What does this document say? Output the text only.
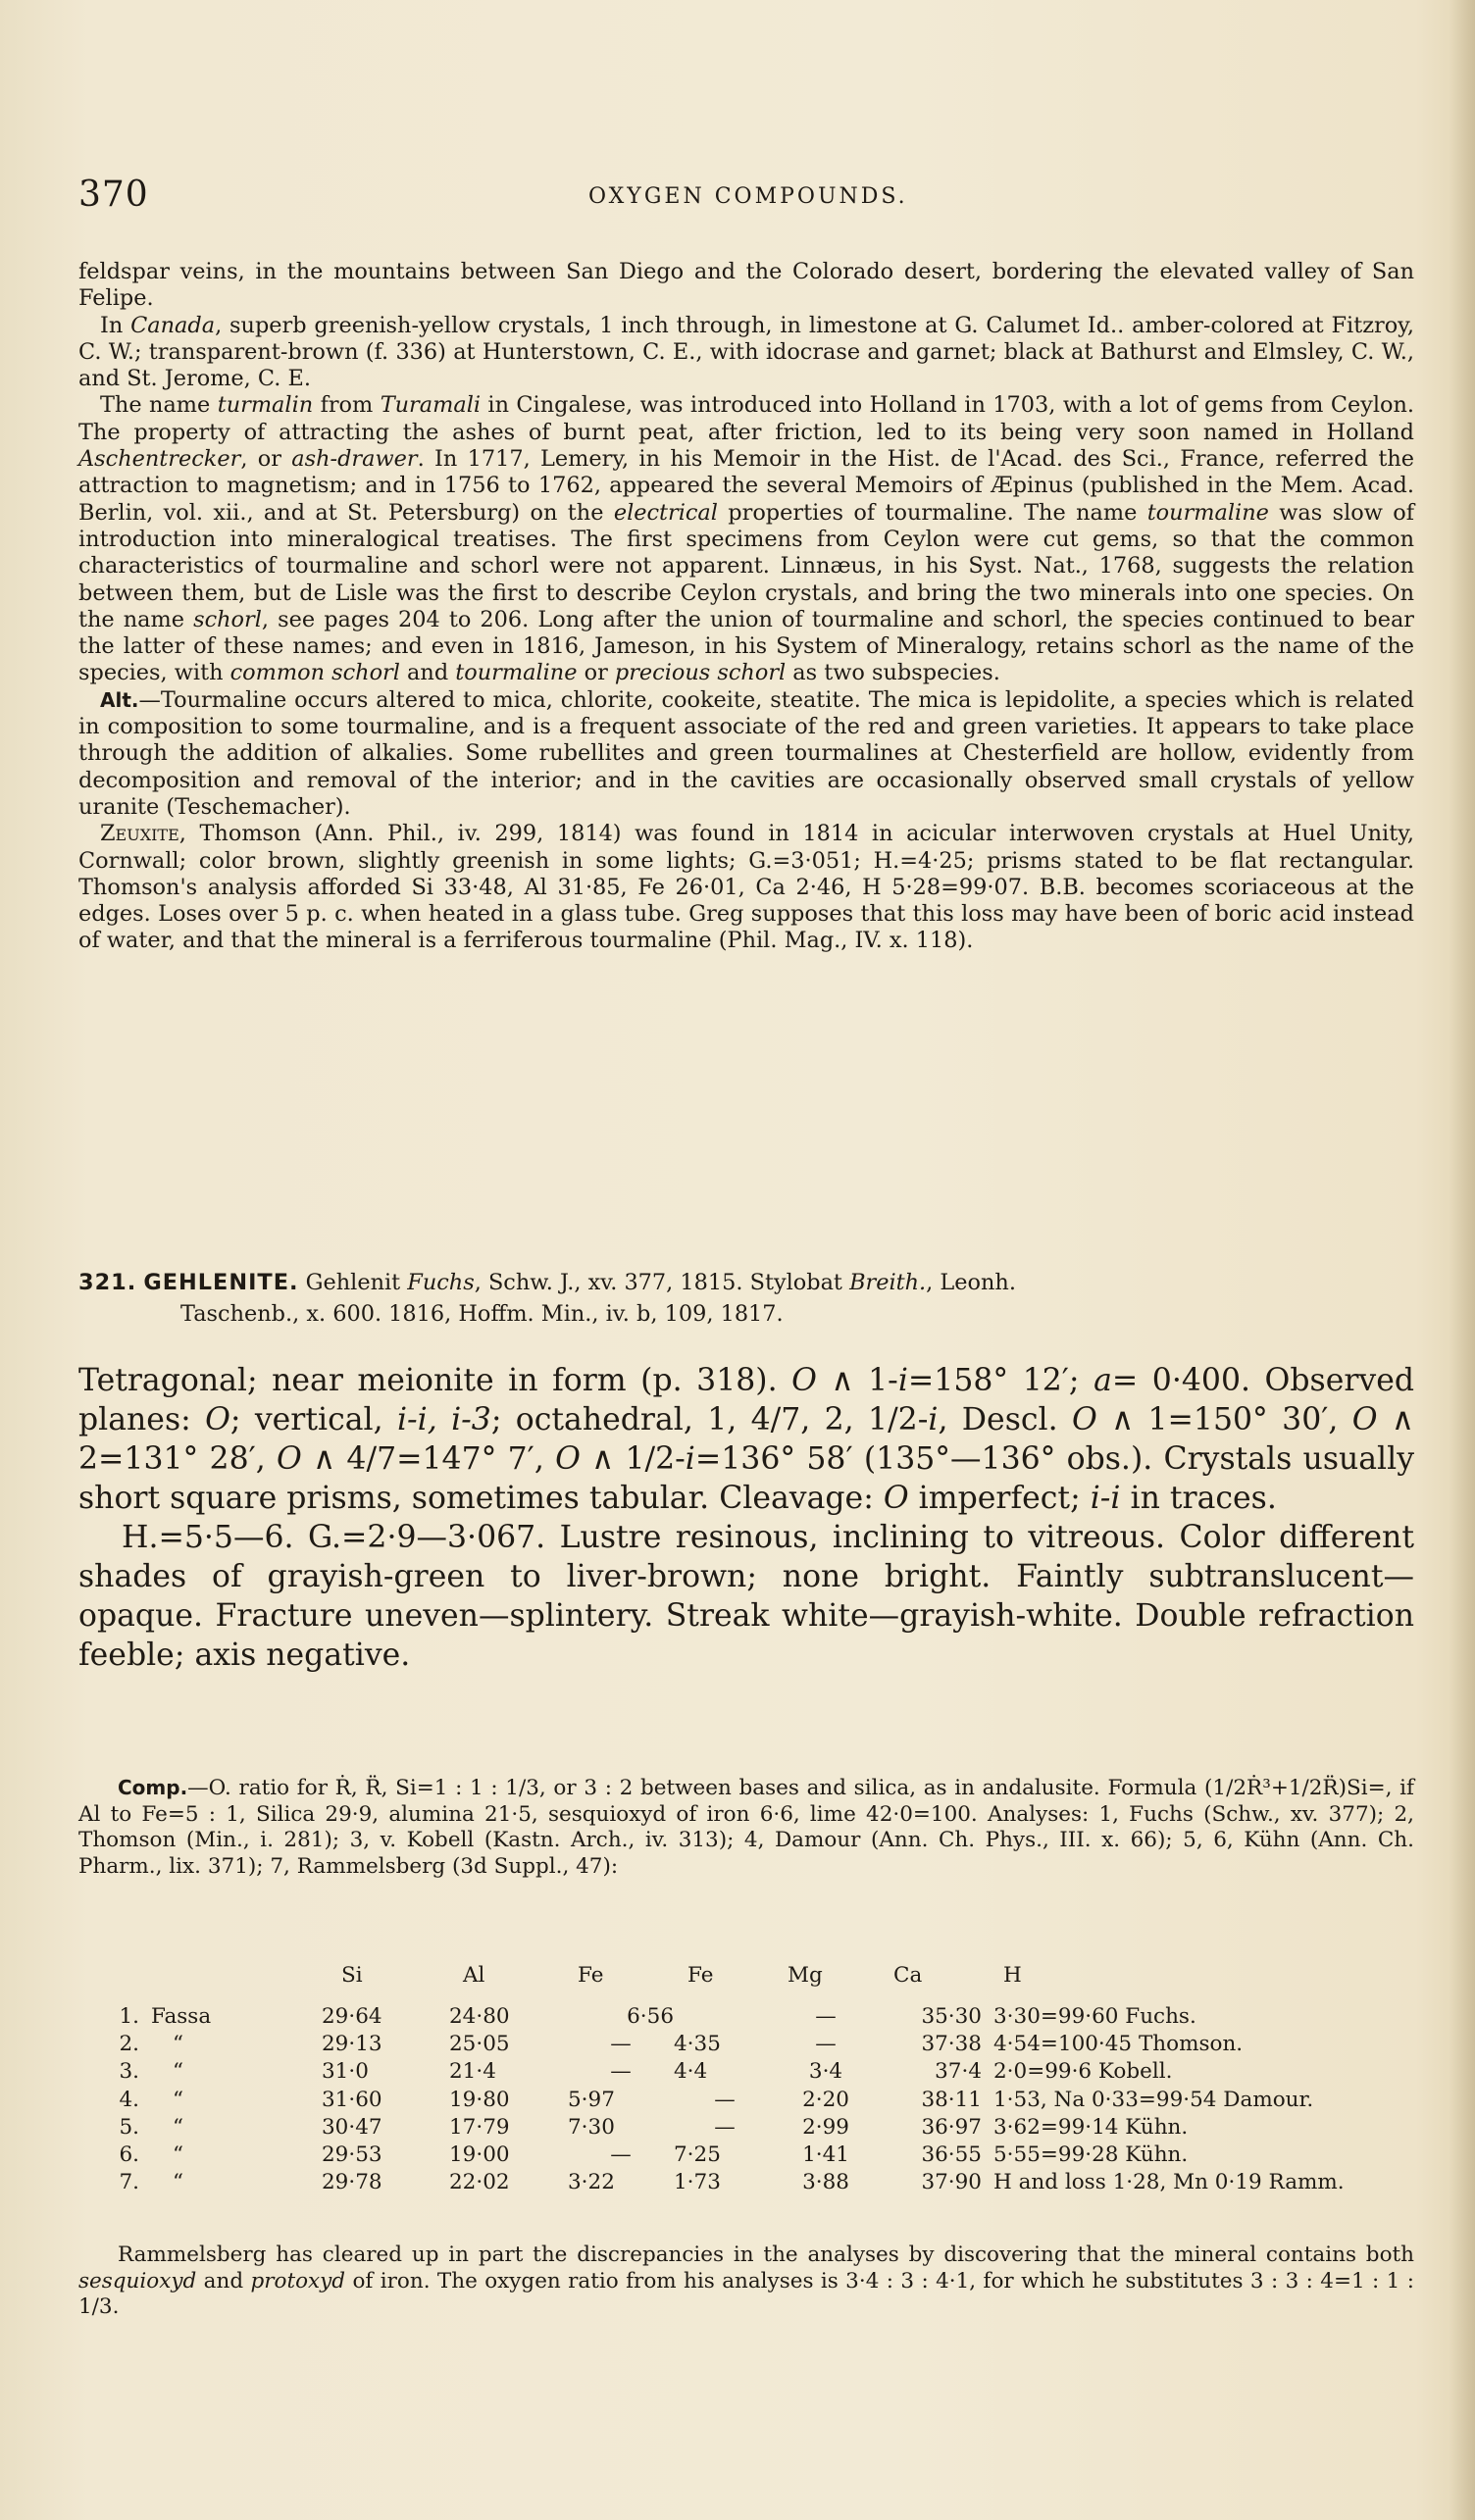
370	OXYGEN COMPOUNDS.

feldspar veins, in the mountains between San Diego and the Colorado desert, bordering the elevated valley of San Felipe.

In Canada, superb greenish-yellow crystals, 1 inch through, in limestone at G. Calumet Id.. amber-colored at Fitzroy, C. W.; transparent-brown (f. 336) at Hunterstown, C. E., with idocrase and garnet; black at Bathurst and Elmsley, C. W., and St. Jerome, C. E.

The name turmalin from Turamali in Cingalese, was introduced into Holland in 1703, with a lot of gems from Ceylon. The property of attracting the ashes of burnt peat, after friction, led to its being very soon named in Holland Aschentrecker, or ash-drawer. In 1717, Lemery, in his Memoir in the Hist. de l'Acad. des Sci., France, referred the attraction to magnetism; and in 1756 to 1762, appeared the several Memoirs of Æpinus (published in the Mem. Acad. Berlin, vol. xii., and at St. Petersburg) on the electrical properties of tourmaline. The name tourmaline was slow of introduction into mineralogical treatises. The first specimens from Ceylon were cut gems, so that the common characteristics of tourmaline and schorl were not apparent. Linnæus, in his Syst. Nat., 1768, suggests the relation between them, but de Lisle was the first to describe Ceylon crystals, and bring the two minerals into one species. On the name schorl, see pages 204 to 206. Long after the union of tourmaline and schorl, the species continued to bear the latter of these names; and even in 1816, Jameson, in his System of Mineralogy, retains schorl as the name of the species, with common schorl and tourmaline or precious schorl as two subspecies.

Alt.—Tourmaline occurs altered to mica, chlorite, cookeite, steatite. The mica is lepidolite, a species which is related in composition to some tourmaline, and is a frequent associate of the red and green varieties. It appears to take place through the addition of alkalies. Some rubellites and green tourmalines at Chesterfield are hollow, evidently from decomposition and removal of the interior; and in the cavities are occasionally observed small crystals of yellow uranite (Teschemacher).

Zeuxite, Thomson (Ann. Phil., iv. 299, 1814) was found in 1814 in acicular interwoven crystals at Huel Unity, Cornwall; color brown, slightly greenish in some lights; G.=3·051; H.=4·25; prisms stated to be flat rectangular. Thomson's analysis afforded Si 33·48, Al 31·85, Fe 26·01, Ca 2·46, H 5·28=99·07. B.B. becomes scoriaceous at the edges. Loses over 5 p. c. when heated in a glass tube. Greg supposes that this loss may have been of boric acid instead of water, and that the mineral is a ferriferous tourmaline (Phil. Mag., IV. x. 118).

321. GEHLENITE. Gehlenit Fuchs, Schw. J., xv. 377, 1815. Stylobat Breith., Leonh.
Taschenb., x. 600. 1816, Hoffm. Min., iv. b, 109, 1817.

Tetragonal; near meionite in form (p. 318). O ∧ 1-i=158° 12′; a= 0·400. Observed planes: O; vertical, i-i, i-3; octahedral, 1, 4/7, 2, 1/2-i, Descl. O ∧ 1=150° 30′, O ∧ 2=131° 28′, O ∧ 4/7=147° 7′, O ∧ 1/2-i=136° 58′ (135°—136° obs.). Crystals usually short square prisms, sometimes tabular. Cleavage: O imperfect; i-i in traces.

H.=5·5—6. G.=2·9—3·067. Lustre resinous, inclining to vitreous. Color different shades of grayish-green to liver-brown; none bright. Faintly subtranslucent—opaque. Fracture uneven—splintery. Streak white—grayish-white. Double refraction feeble; axis negative.

Comp.—O. ratio for Ṙ, R̈, Si=1 : 1 : 1/3, or 3 : 2 between bases and silica, as in andalusite. Formula (1/2Ṙ³+1/2R̈)Si=, if Al to Fe=5 : 1, Silica 29·9, alumina 21·5, sesquioxyd of iron 6·6, lime 42·0=100. Analyses: 1, Fuchs (Schw., xv. 377); 2, Thomson (Min., i. 281); 3, v. Kobell (Kastn. Arch., iv. 313); 4, Damour (Ann. Ch. Phys., III. x. 66); 5, 6, Kühn (Ann. Ch. Pharm., lix. 371); 7, Rammelsberg (3d Suppl., 47):

		Si	Al	Fe	Fe	Mg	Ca	H
1.	Fassa	29·64	24·80	6·56		—	35·30	3·30=99·60 Fuchs.
2.	“	29·13	25·05	—	4·35	—	37·38	4·54=100·45 Thomson.
3.	“	31·0	21·4	—	4·4	3·4	37·4	2·0=99·6 Kobell.
4.	“	31·60	19·80	5·97	—	2·20	38·11	1·53, Na 0·33=99·54 Damour.
5.	“	30·47	17·79	7·30	—	2·99	36·97	3·62=99·14 Kühn.
6.	“	29·53	19·00	—	7·25	1·41	36·55	5·55=99·28 Kühn.
7.	“	29·78	22·02	3·22	1·73	3·88	37·90	H and loss 1·28, Mn 0·19 Ramm.

Rammelsberg has cleared up in part the discrepancies in the analyses by discovering that the mineral contains both sesquioxyd and protoxyd of iron. The oxygen ratio from his analyses is 3·4 : 3 : 4·1, for which he substitutes 3 : 3 : 4=1 : 1 : 1/3.
